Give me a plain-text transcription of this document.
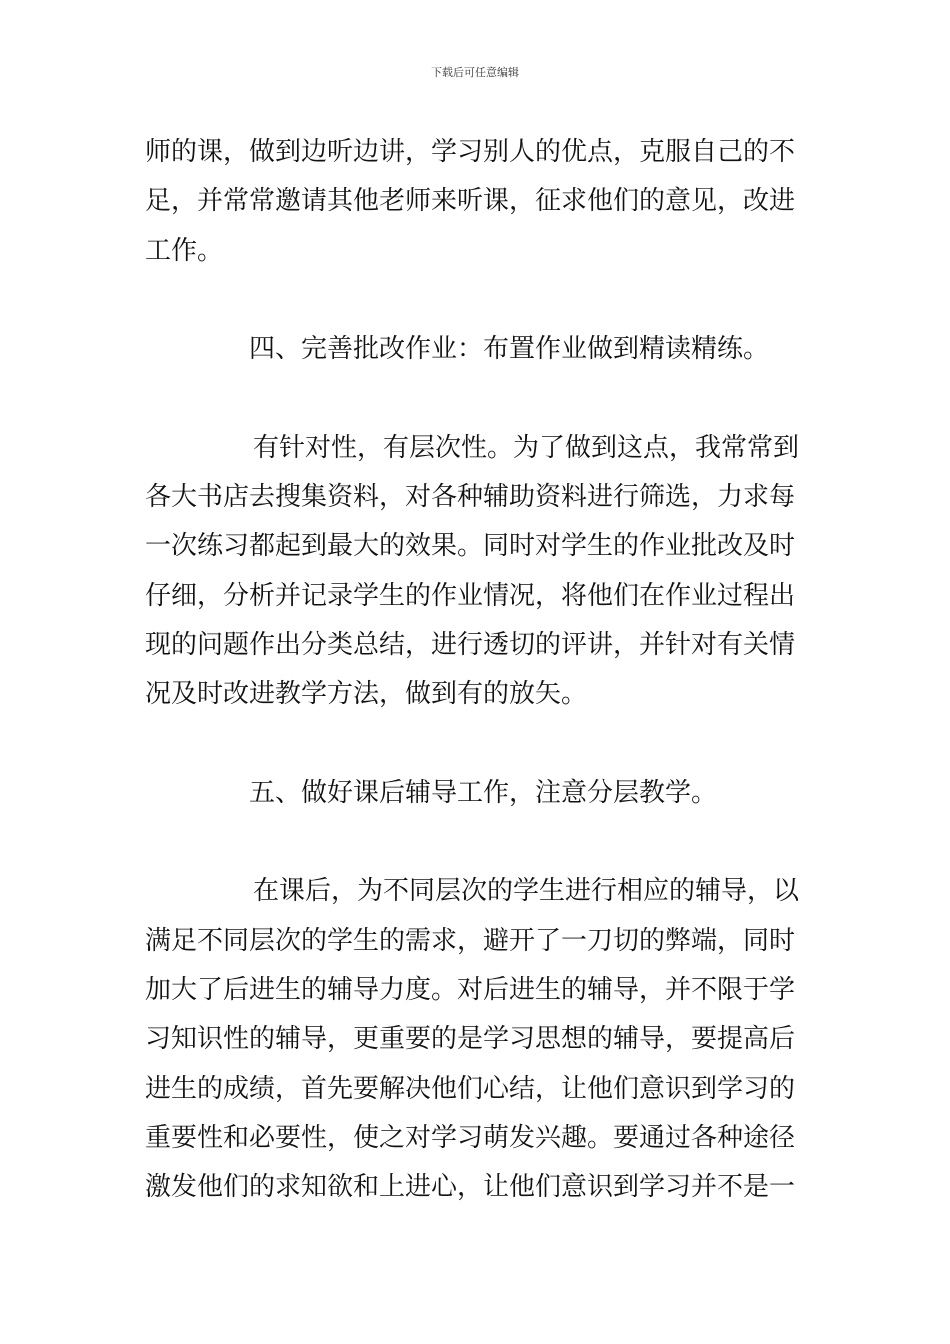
下载后可任意编辑
师的课，做到边听边讲，学习别人的优点，克服自己的不
足，并常常邀请其他老师来听课，征求他们的意见，改进
工作。
四、完善批改作业：布置作业做到精读精练。
有针对性，有层次性。为了做到这点，我常常到
各大书店去搜集资料，对各种辅助资料进行筛选，力求每
一次练习都起到最大的效果。同时对学生的作业批改及时
仔细，分析并记录学生的作业情况，将他们在作业过程出
现的问题作出分类总结，进行透切的评讲，并针对有关情
况及时改进教学方法，做到有的放矢。
五、做好课后辅导工作，注意分层教学。
在课后，为不同层次的学生进行相应的辅导，以
满足不同层次的学生的需求，避开了一刀切的弊端，同时
加大了后进生的辅导力度。对后进生的辅导，并不限于学
习知识性的辅导，更重要的是学习思想的辅导，要提高后
进生的成绩，首先要解决他们心结，让他们意识到学习的
重要性和必要性，使之对学习萌发兴趣。要通过各种途径
激发他们的求知欲和上进心，让他们意识到学习并不是一
